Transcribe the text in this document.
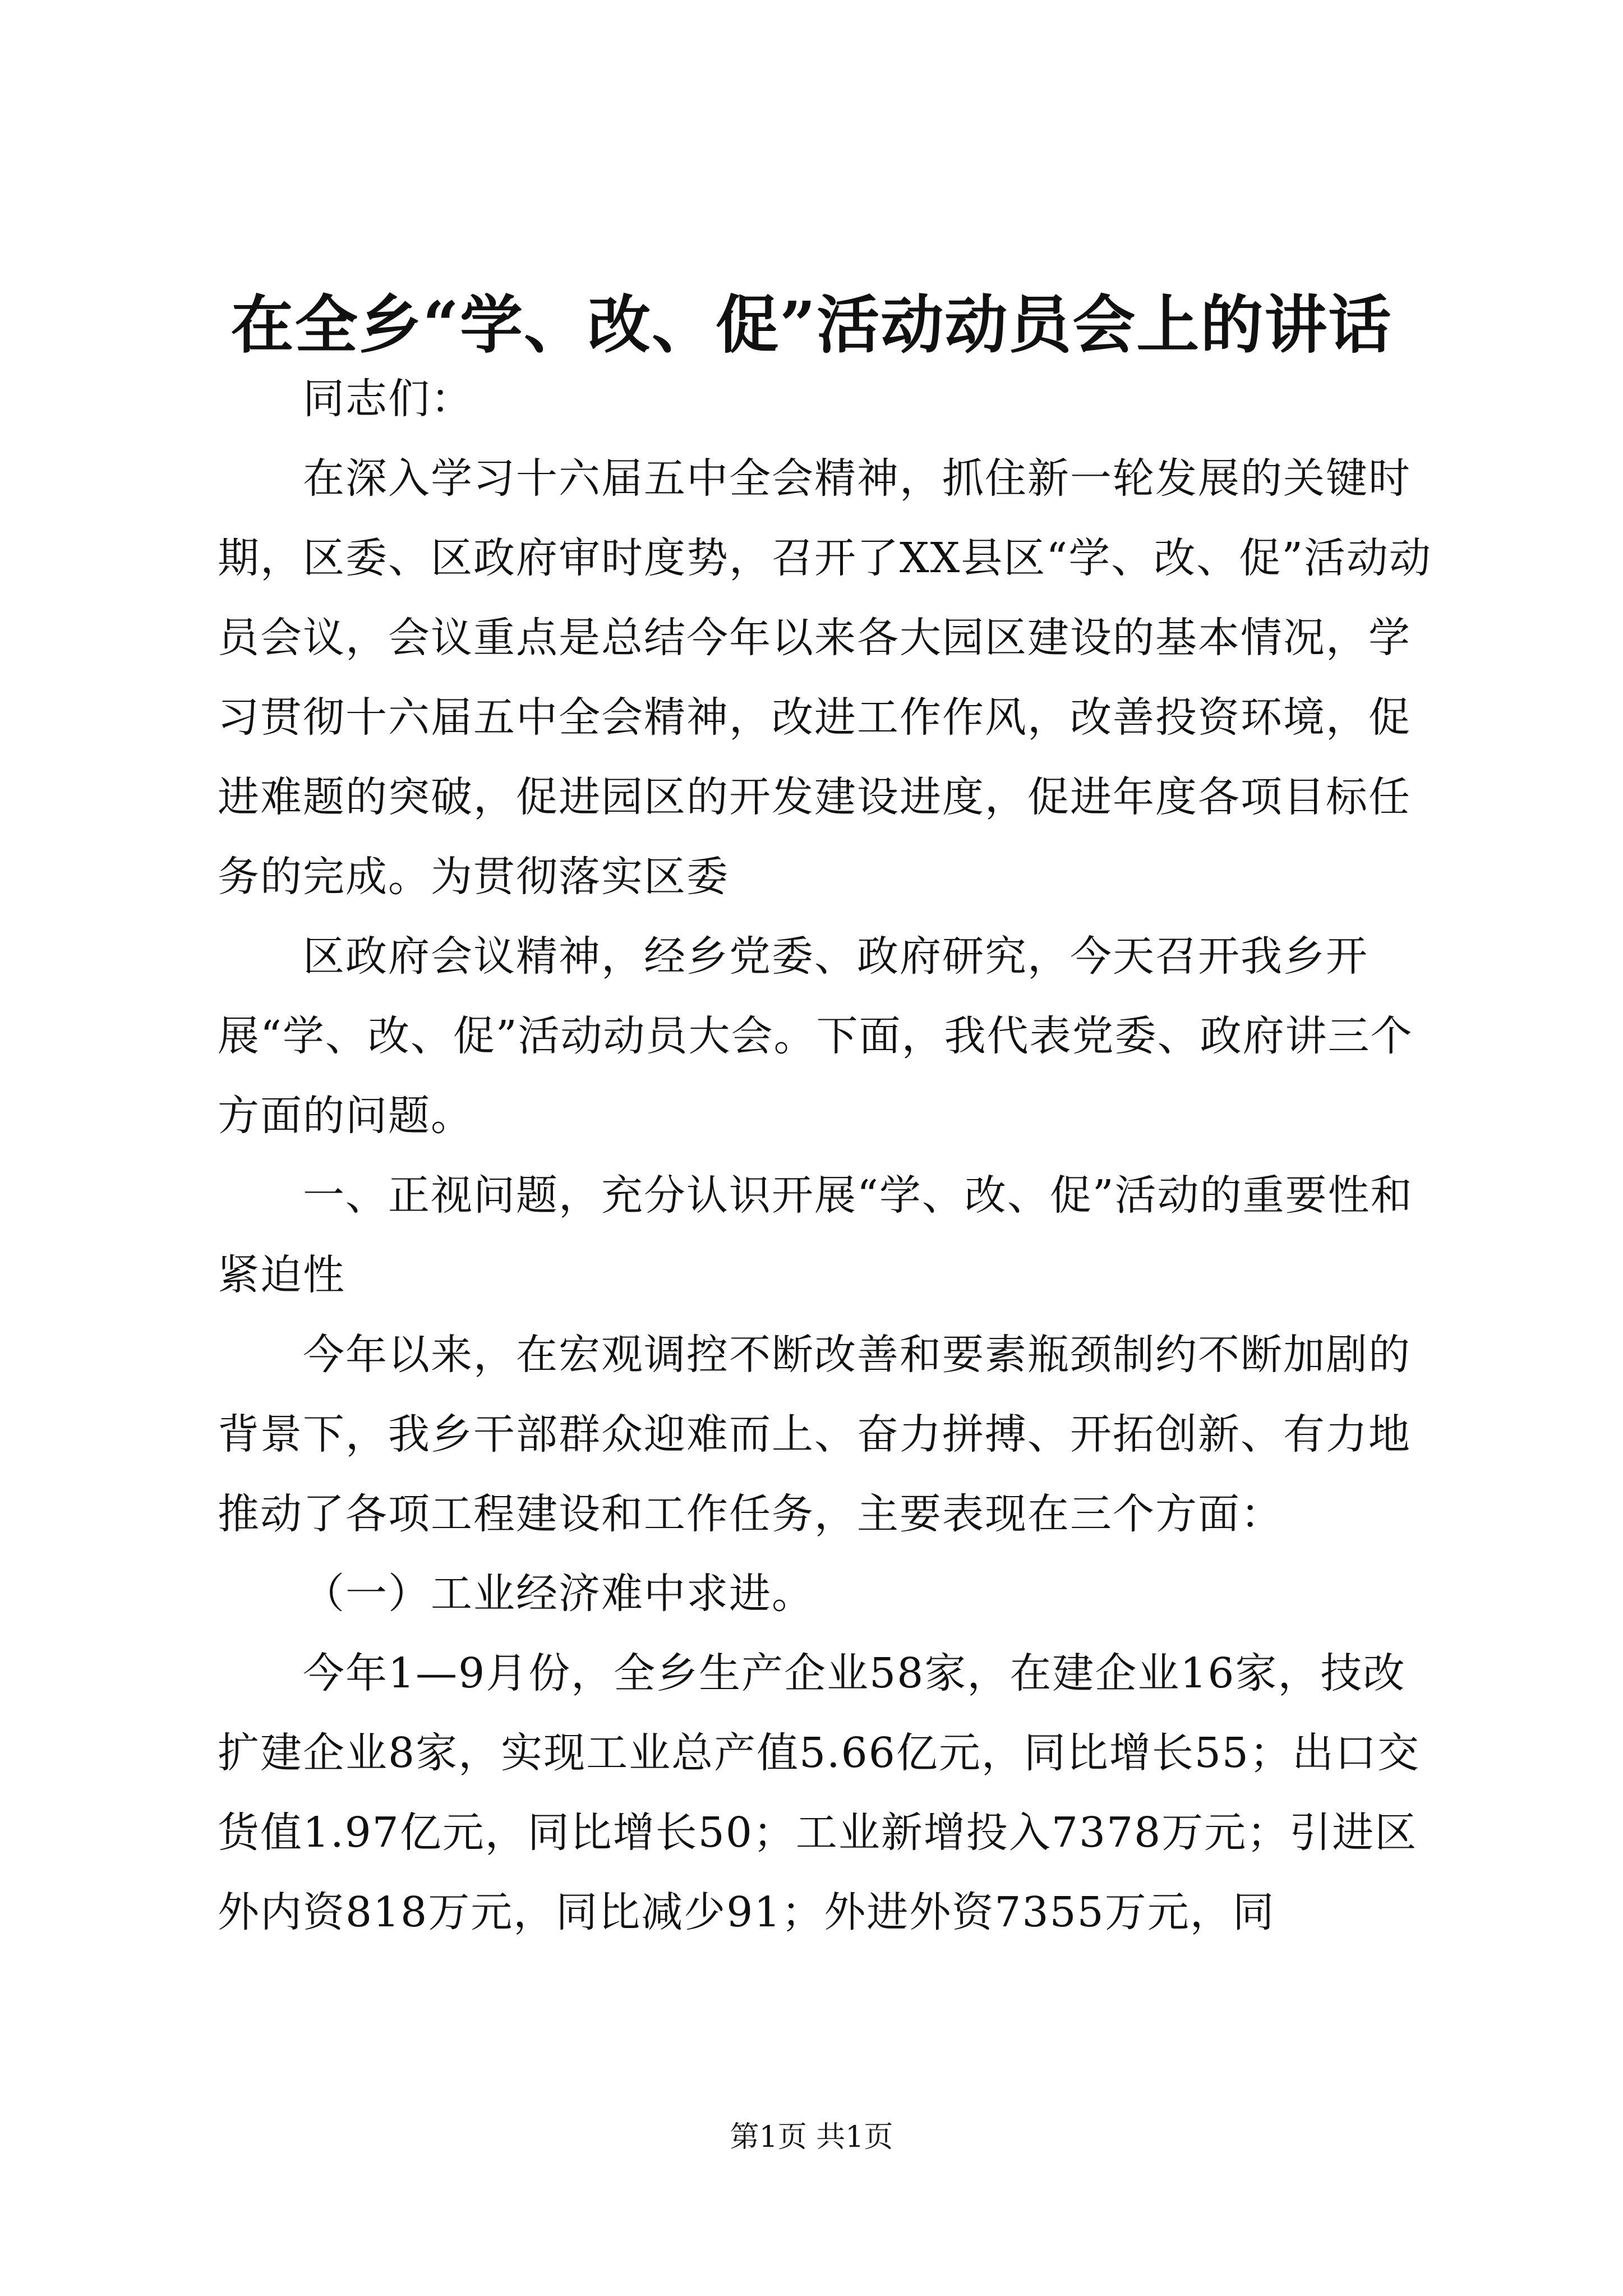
在全乡“学、改、促”活动动员会上的讲话

同志们：

在深入学习十六届五中全会精神，抓住新一轮发展的关键时期，区委、区政府审时度势，召开了XX县区“学、改、促”活动动员会议，会议重点是总结今年以来各大园区建设的基本情况，学习贯彻十六届五中全会精神，改进工作作风，改善投资环境，促进难题的突破，促进园区的开发建设进度，促进年度各项目标任务的完成。为贯彻落实区委

区政府会议精神，经乡党委、政府研究，今天召开我乡开展“学、改、促”活动动员大会。下面，我代表党委、政府讲三个方面的问题。

一、正视问题，充分认识开展“学、改、促”活动的重要性和紧迫性

今年以来，在宏观调控不断改善和要素瓶颈制约不断加剧的背景下，我乡干部群众迎难而上、奋力拼搏、开拓创新、有力地推动了各项工程建设和工作任务，主要表现在三个方面：

（一）工业经济难中求进。

今年1—9月份，全乡生产企业58家，在建企业16家，技改扩建企业8家，实现工业总产值5.66亿元，同比增长55；出口交货值1.97亿元，同比增长50；工业新增投入7378万元；引进区外内资818万元，同比减少91；外进外资7355万元，同

第1页 共1页
